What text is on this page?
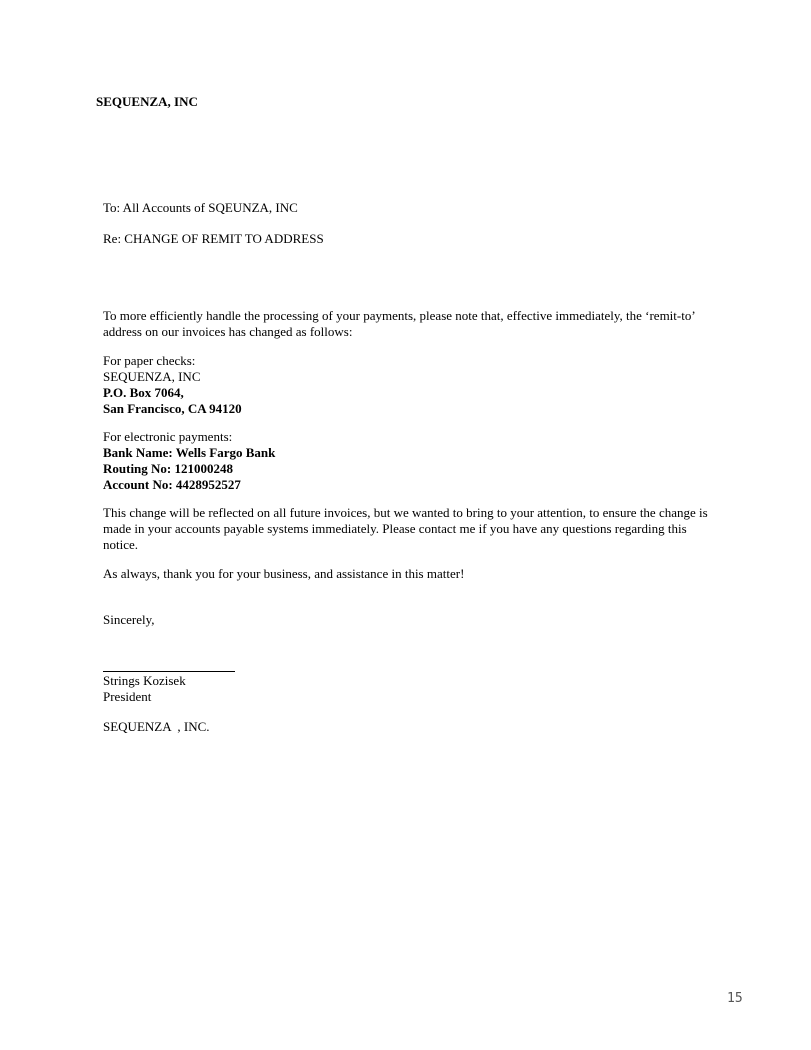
SEQUENZA, INC
To: All Accounts of SQEUNZA, INC
Re: CHANGE OF REMIT TO ADDRESS
To more efficiently handle the processing of your payments, please note that, effective immediately, the ‘remit-to’ address on our invoices has changed as follows:
For paper checks:
SEQUENZA, INC
P.O. Box 7064,
San Francisco, CA 94120
For electronic payments:
Bank Name: Wells Fargo Bank
Routing No: 121000248
Account No: 4428952527
This change will be reflected on all future invoices, but we wanted to bring to your attention, to ensure the change is made in your accounts payable systems immediately. Please contact me if you have any questions regarding this notice.
As always, thank you for your business, and assistance in this matter!
Sincerely,
Strings Kozisek
President
SEQUENZA  , INC.
15
